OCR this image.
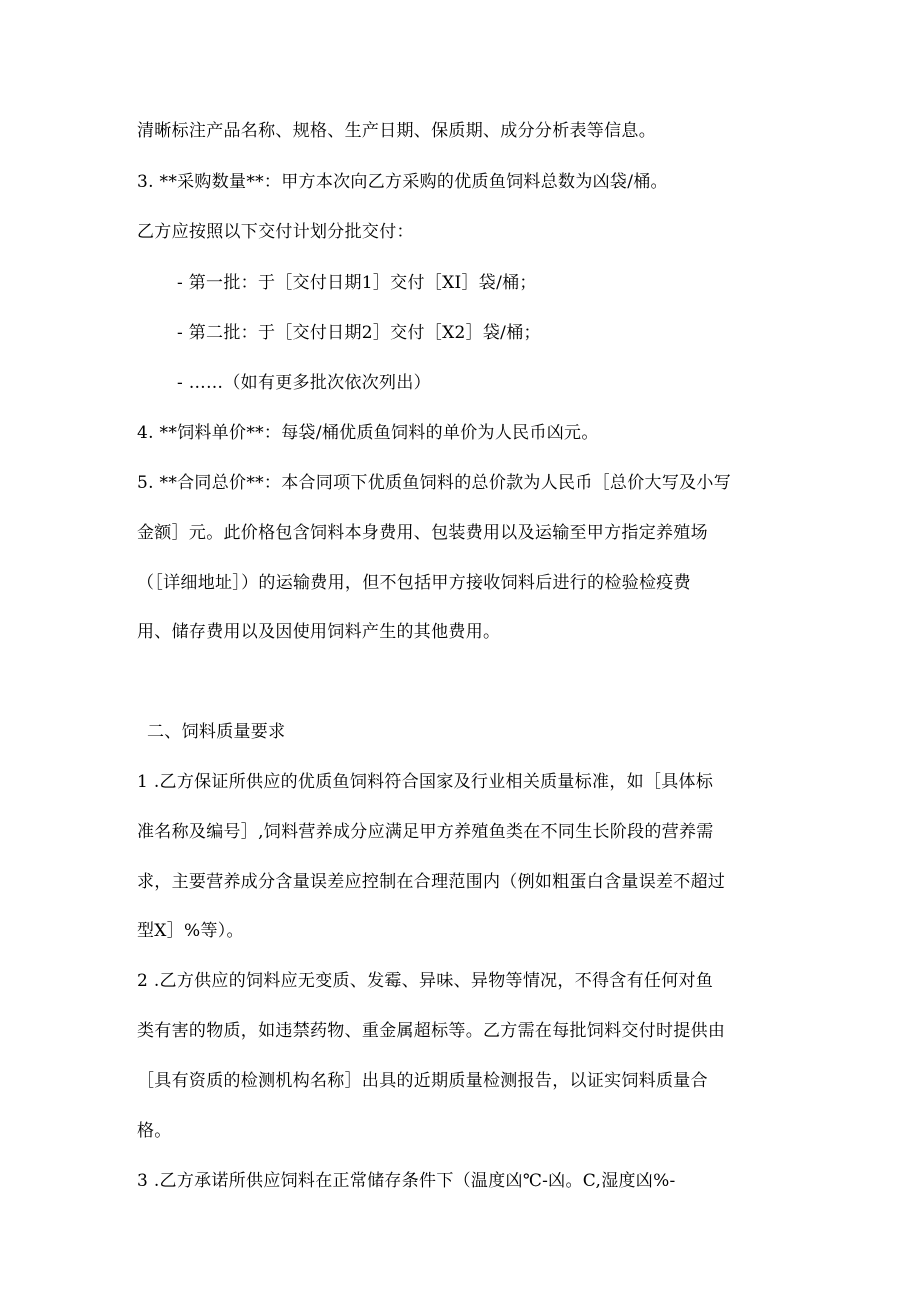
清晰标注产品名称、规格、生产日期、保质期、成分分析表等信息。
3. **采购数量**：甲方本次向乙方采购的优质鱼饲料总数为凶袋/桶。
乙方应按照以下交付计划分批交付：
- 第一批：于［交付日期1］交付［XI］袋/桶；
- 第二批：于［交付日期2］交付［X2］袋/桶；
- ……（如有更多批次依次列出）
4. **饲料单价**：每袋/桶优质鱼饲料的单价为人民币凶元。
5. **合同总价**：本合同项下优质鱼饲料的总价款为人民币［总价大写及小写
金额］元。此价格包含饲料本身费用、包装费用以及运输至甲方指定养殖场
（［详细地址］）的运输费用，但不包括甲方接收饲料后进行的检验检疫费
用、储存费用以及因使用饲料产生的其他费用。
二、饲料质量要求
1 .乙方保证所供应的优质鱼饲料符合国家及行业相关质量标准，如［具体标
准名称及编号］,饲料营养成分应满足甲方养殖鱼类在不同生长阶段的营养需
求，主要营养成分含量误差应控制在合理范围内（例如粗蛋白含量误差不超过
型X］%等）。
2 .乙方供应的饲料应无变质、发霉、异味、异物等情况，不得含有任何对鱼
类有害的物质，如违禁药物、重金属超标等。乙方需在每批饲料交付时提供由
［具有资质的检测机构名称］出具的近期质量检测报告，以证实饲料质量合
格。
3 .乙方承诺所供应饲料在正常储存条件下（温度凶℃-凶。C,湿度凶%-
